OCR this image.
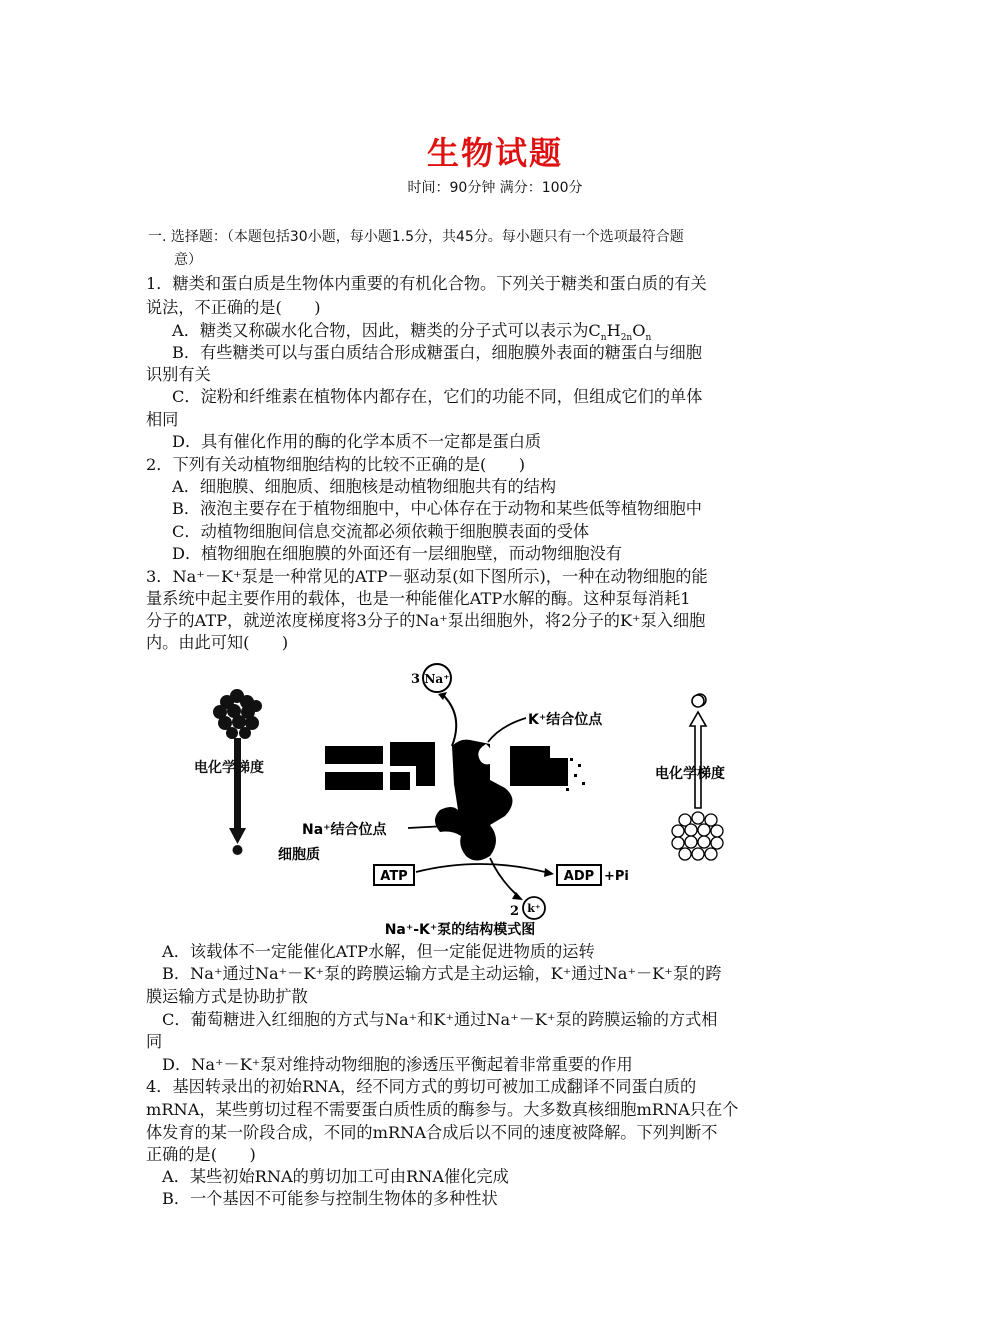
生物试题
时间：90分钟 满分：100分
一. 选择题：（本题包括30小题，每小题1.5分，共45分。每小题只有一个选项最符合题
意）
1．糖类和蛋白质是生物体内重要的有机化合物。下列关于糖类和蛋白质的有关
说法，不正确的是(　　)
A．糖类又称碳水化合物，因此，糖类的分子式可以表示为$C_nH_{2n}O_n$
B．有些糖类可以与蛋白质结合形成糖蛋白，细胞膜外表面的糖蛋白与细胞
识别有关
C．淀粉和纤维素在植物体内都存在，它们的功能不同，但组成它们的单体
相同
D．具有催化作用的酶的化学本质不一定都是蛋白质
2．下列有关动植物细胞结构的比较不正确的是(　　)
A．细胞膜、细胞质、细胞核是动植物细胞共有的结构
B．液泡主要存在于植物细胞中，中心体存在于动物和某些低等植物细胞中
C．动植物细胞间信息交流都必须依赖于细胞膜表面的受体
D．植物细胞在细胞膜的外面还有一层细胞壁，而动物细胞没有
3．Na⁺－K⁺泵是一种常见的ATP－驱动泵(如下图所示)，一种在动物细胞的能
量系统中起主要作用的载体，也是一种能催化ATP水解的酶。这种泵每消耗1
分子的ATP，就逆浓度梯度将3分子的Na⁺泵出细胞外，将2分子的K⁺泵入细胞
内。由此可知(　　)
电化学梯度
3 Na⁺
K⁺结合位点
电化学梯度
Na⁺结合位点
细胞质
ATP	ADP +Pi
2 k⁺
Na⁺-K⁺泵的结构模式图
A．该载体不一定能催化ATP水解，但一定能促进物质的运转
B．Na⁺通过Na⁺－K⁺泵的跨膜运输方式是主动运输，K⁺通过Na⁺－K⁺泵的跨
膜运输方式是协助扩散
C．葡萄糖进入红细胞的方式与Na⁺和K⁺通过Na⁺－K⁺泵的跨膜运输的方式相
同
D．Na⁺－K⁺泵对维持动物细胞的渗透压平衡起着非常重要的作用
4．基因转录出的初始RNA，经不同方式的剪切可被加工成翻译不同蛋白质的
mRNA，某些剪切过程不需要蛋白质性质的酶参与。大多数真核细胞mRNA只在个
体发育的某一阶段合成，不同的mRNA合成后以不同的速度被降解。下列判断不
正确的是(　　)
A．某些初始RNA的剪切加工可由RNA催化完成
B．一个基因不可能参与控制生物体的多种性状
